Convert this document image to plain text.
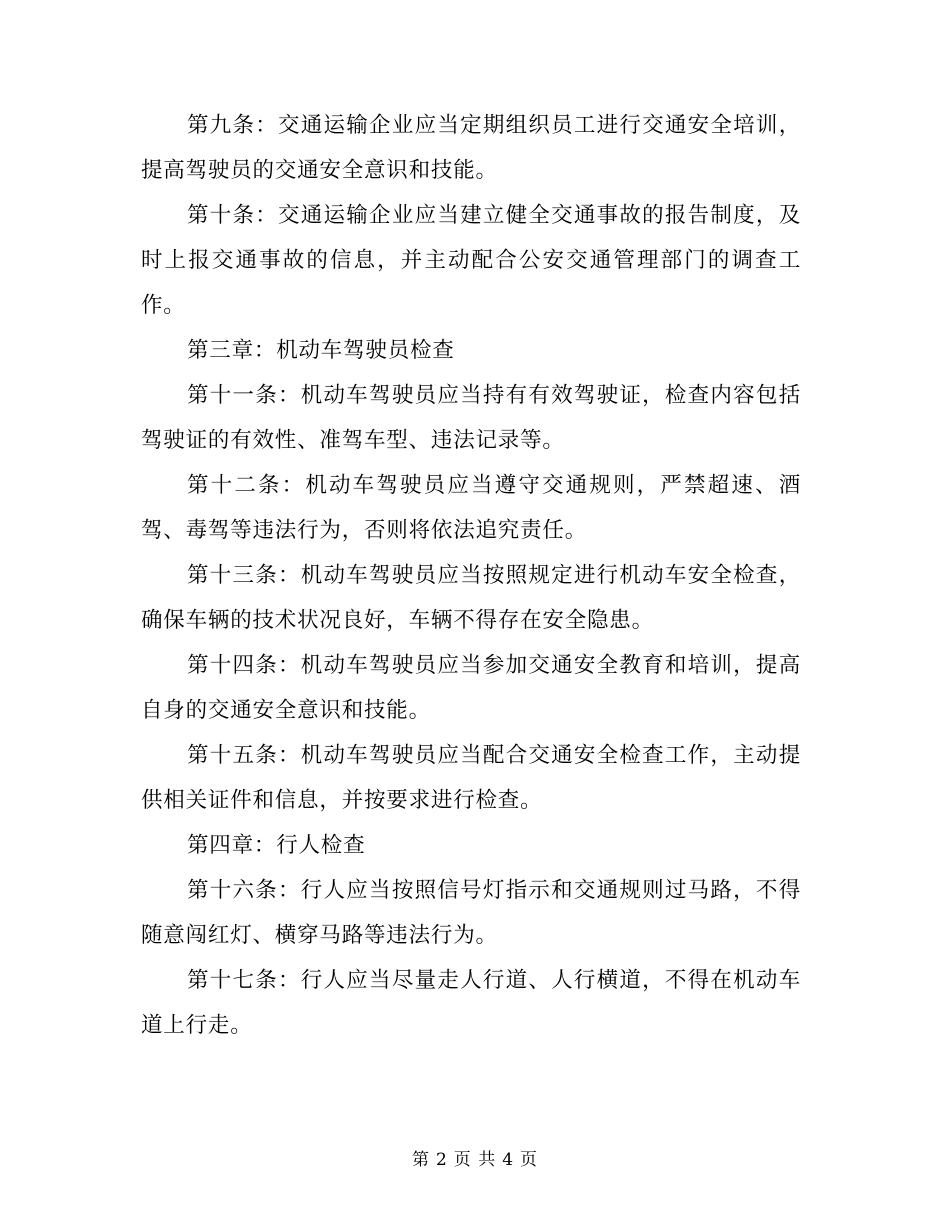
第九条：交通运输企业应当定期组织员工进行交通安全培训，提高驾驶员的交通安全意识和技能。

第十条：交通运输企业应当建立健全交通事故的报告制度，及时上报交通事故的信息，并主动配合公安交通管理部门的调查工作。

第三章：机动车驾驶员检查

第十一条：机动车驾驶员应当持有有效驾驶证，检查内容包括驾驶证的有效性、准驾车型、违法记录等。

第十二条：机动车驾驶员应当遵守交通规则，严禁超速、酒驾、毒驾等违法行为，否则将依法追究责任。

第十三条：机动车驾驶员应当按照规定进行机动车安全检查，确保车辆的技术状况良好，车辆不得存在安全隐患。

第十四条：机动车驾驶员应当参加交通安全教育和培训，提高自身的交通安全意识和技能。

第十五条：机动车驾驶员应当配合交通安全检查工作，主动提供相关证件和信息，并按要求进行检查。

第四章：行人检查

第十六条：行人应当按照信号灯指示和交通规则过马路，不得随意闯红灯、横穿马路等违法行为。

第十七条：行人应当尽量走人行道、人行横道，不得在机动车道上行走。

第 2 页 共 4 页
